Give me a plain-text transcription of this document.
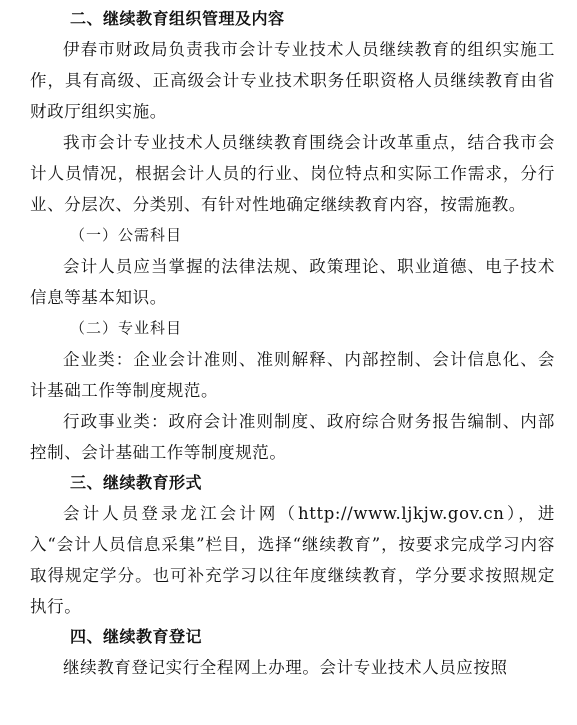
二、继续教育组织管理及内容

伊春市财政局负责我市会计专业技术人员继续教育的组织实施工作，具有高级、正高级会计专业技术职务任职资格人员继续教育由省财政厅组织实施。

我市会计专业技术人员继续教育围绕会计改革重点，结合我市会计人员情况，根据会计人员的行业、岗位特点和实际工作需求，分行业、分层次、分类别、有针对性地确定继续教育内容，按需施教。

（一）公需科目

会计人员应当掌握的法律法规、政策理论、职业道德、电子技术信息等基本知识。

（二）专业科目

企业类：企业会计准则、准则解释、内部控制、会计信息化、会计基础工作等制度规范。

行政事业类：政府会计准则制度、政府综合财务报告编制、内部控制、会计基础工作等制度规范。

三、继续教育形式

会计人员登录龙江会计网（http://www.ljkjw.gov.cn），进入“会计人员信息采集”栏目，选择“继续教育”，按要求完成学习内容取得规定学分。也可补充学习以往年度继续教育，学分要求按照规定执行。

四、继续教育登记

继续教育登记实行全程网上办理。会计专业技术人员应按照
